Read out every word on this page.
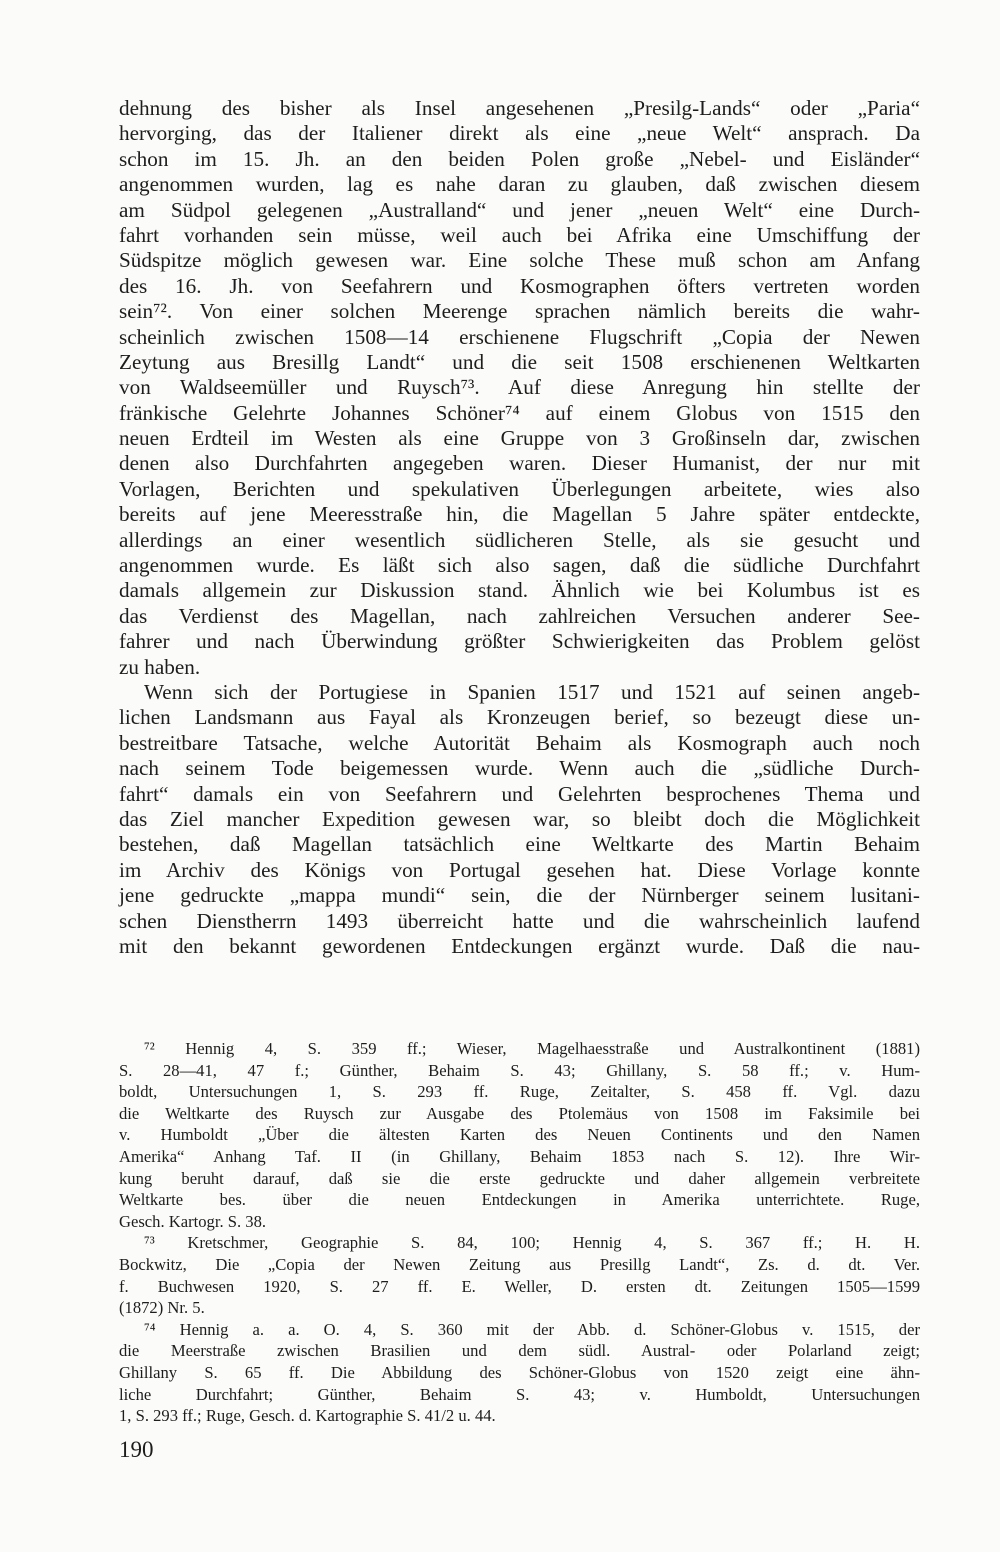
dehnung des bisher als Insel angesehenen „Presilg-Lands“ oder „Paria“
hervorging, das der Italiener direkt als eine „neue Welt“ ansprach. Da
schon im 15. Jh. an den beiden Polen große „Nebel- und Eisländer“
angenommen wurden, lag es nahe daran zu glauben, daß zwischen diesem
am Südpol gelegenen „Australland“ und jener „neuen Welt“ eine Durch-
fahrt vorhanden sein müsse, weil auch bei Afrika eine Umschiffung der
Südspitze möglich gewesen war. Eine solche These muß schon am Anfang
des 16. Jh. von Seefahrern und Kosmographen öfters vertreten worden
sein⁷². Von einer solchen Meerenge sprachen nämlich bereits die wahr-
scheinlich zwischen 1508—14 erschienene Flugschrift „Copia der Newen
Zeytung aus Bresillg Landt“ und die seit 1508 erschienenen Weltkarten
von Waldseemüller und Ruysch⁷³. Auf diese Anregung hin stellte der
fränkische Gelehrte Johannes Schöner⁷⁴ auf einem Globus von 1515 den
neuen Erdteil im Westen als eine Gruppe von 3 Großinseln dar, zwischen
denen also Durchfahrten angegeben waren. Dieser Humanist, der nur mit
Vorlagen, Berichten und spekulativen Überlegungen arbeitete, wies also
bereits auf jene Meeresstraße hin, die Magellan 5 Jahre später entdeckte,
allerdings an einer wesentlich südlicheren Stelle, als sie gesucht und
angenommen wurde. Es läßt sich also sagen, daß die südliche Durchfahrt
damals allgemein zur Diskussion stand. Ähnlich wie bei Kolumbus ist es
das Verdienst des Magellan, nach zahlreichen Versuchen anderer See-
fahrer und nach Überwindung größter Schwierigkeiten das Problem gelöst
zu haben.
Wenn sich der Portugiese in Spanien 1517 und 1521 auf seinen angeb-
lichen Landsmann aus Fayal als Kronzeugen berief, so bezeugt diese un-
bestreitbare Tatsache, welche Autorität Behaim als Kosmograph auch noch
nach seinem Tode beigemessen wurde. Wenn auch die „südliche Durch-
fahrt“ damals ein von Seefahrern und Gelehrten besprochenes Thema und
das Ziel mancher Expedition gewesen war, so bleibt doch die Möglichkeit
bestehen, daß Magellan tatsächlich eine Weltkarte des Martin Behaim
im Archiv des Königs von Portugal gesehen hat. Diese Vorlage konnte
jene gedruckte „mappa mundi“ sein, die der Nürnberger seinem lusitani-
schen Dienstherrn 1493 überreicht hatte und die wahrscheinlich laufend
mit den bekannt gewordenen Entdeckungen ergänzt wurde. Daß die nau-
⁷² Hennig 4, S. 359 ff.; Wieser, Magelhaesstraße und Australkontinent (1881)
S. 28—41, 47 f.; Günther, Behaim S. 43; Ghillany, S. 58 ff.; v. Hum-
boldt, Untersuchungen 1, S. 293 ff. Ruge, Zeitalter, S. 458 ff. Vgl. dazu
die Weltkarte des Ruysch zur Ausgabe des Ptolemäus von 1508 im Faksimile bei
v. Humboldt „Über die ältesten Karten des Neuen Continents und den Namen
Amerika“ Anhang Taf. II (in Ghillany, Behaim 1853 nach S. 12). Ihre Wir-
kung beruht darauf, daß sie die erste gedruckte und daher allgemein verbreitete
Weltkarte bes. über die neuen Entdeckungen in Amerika unterrichtete. Ruge,
Gesch. Kartogr. S. 38.
⁷³ Kretschmer, Geographie S. 84, 100; Hennig 4, S. 367 ff.; H. H.
Bockwitz, Die „Copia der Newen Zeitung aus Presillg Landt“, Zs. d. dt. Ver.
f. Buchwesen 1920, S. 27 ff. E. Weller, D. ersten dt. Zeitungen 1505—1599
(1872) Nr. 5.
⁷⁴ Hennig a. a. O. 4, S. 360 mit der Abb. d. Schöner-Globus v. 1515, der
die Meerstraße zwischen Brasilien und dem südl. Austral- oder Polarland zeigt;
Ghillany S. 65 ff. Die Abbildung des Schöner-Globus von 1520 zeigt eine ähn-
liche Durchfahrt; Günther, Behaim S. 43; v. Humboldt, Untersuchungen
1, S. 293 ff.; Ruge, Gesch. d. Kartographie S. 41/2 u. 44.
190
